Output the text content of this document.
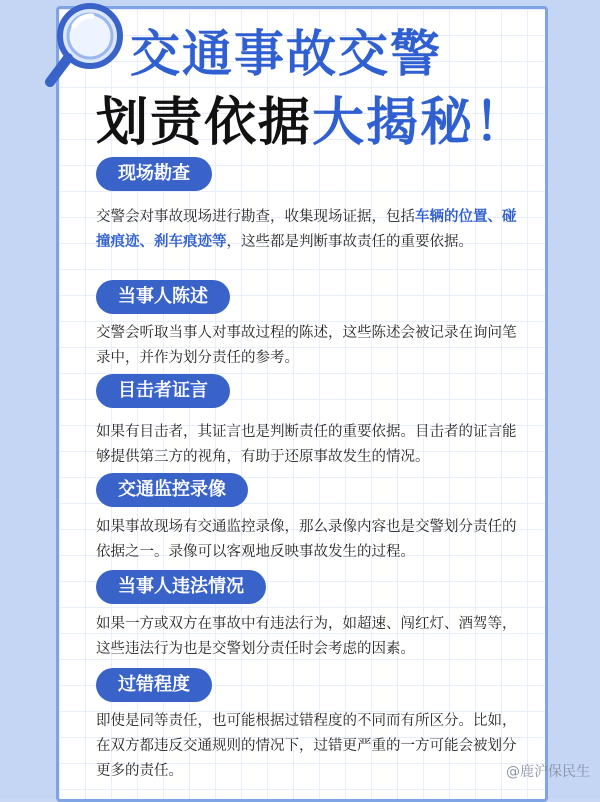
交通事故交警
划责依据大揭秘！
现场勘查
交警会对事故现场进行勘查，收集现场证据，包括车辆的位置、碰撞痕迹、刹车痕迹等，这些都是判断事故责任的重要依据。
当事人陈述
交警会听取当事人对事故过程的陈述，这些陈述会被记录在询问笔录中，并作为划分责任的参考。
目击者证言
如果有目击者，其证言也是判断责任的重要依据。目击者的证言能够提供第三方的视角，有助于还原事故发生的情况。
交通监控录像
如果事故现场有交通监控录像，那么录像内容也是交警划分责任的依据之一。录像可以客观地反映事故发生的过程。
当事人违法情况
如果一方或双方在事故中有违法行为，如超速、闯红灯、酒驾等，这些违法行为也是交警划分责任时会考虑的因素。
过错程度
即使是同等责任，也可能根据过错程度的不同而有所区分。比如，在双方都违反交通规则的情况下，过错更严重的一方可能会被划分更多的责任。	@鹿沪保民生
